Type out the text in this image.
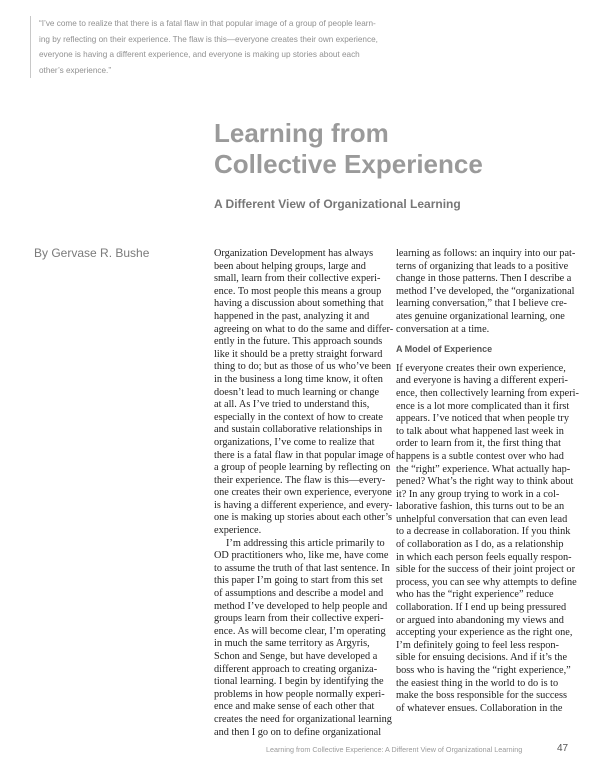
“I’ve come to realize that there is a fatal flaw in that popular image of a group of people learn-
ing by reflecting on their experience. The flaw is this—everyone creates their own experience,
everyone is having a different experience, and everyone is making up stories about each
other’s experience.”
Learning from
Collective Experience
A Different View of Organizational Learning
By Gervase R. Bushe	Organization Development has always
been about helping groups, large and
small, learn from their collective experi-
ence. To most people this means a group
having a discussion about something that
happened in the past, analyzing it and
agreeing on what to do the same and differ-
ently in the future. This approach sounds
like it should be a pretty straight forward
thing to do; but as those of us who’ve been
in the business a long time know, it often
doesn’t lead to much learning or change
at all. As I’ve tried to understand this,
especially in the context of how to create
and sustain collaborative relationships in
organizations, I’ve come to realize that
there is a fatal flaw in that popular image of
a group of people learning by reflecting on
their experience. The flaw is this—every-
one creates their own experience, everyone
is having a different experience, and every-
one is making up stories about each other’s
experience.
I’m addressing this article primarily to
OD practitioners who, like me, have come
to assume the truth of that last sentence. In
this paper I’m going to start from this set
of assumptions and describe a model and
method I’ve developed to help people and
groups learn from their collective experi-
ence. As will become clear, I’m operating
in much the same territory as Argyris,
Schon and Senge, but have developed a
different approach to creating organiza-
tional learning. I begin by identifying the
problems in how people normally experi-
ence and make sense of each other that
creates the need for organizational learning
and then I go on to define organizational
learning as follows: an inquiry into our pat-
terns of organizing that leads to a positive
change in those patterns. Then I describe a
method I’ve developed, the “organizational
learning conversation,” that I believe cre-
ates genuine organizational learning, one
conversation at a time.
A Model of Experience
If everyone creates their own experience,
and everyone is having a different experi-
ence, then collectively learning from experi-
ence is a lot more complicated than it first
appears. I’ve noticed that when people try
to talk about what happened last week in
order to learn from it, the first thing that
happens is a subtle contest over who had
the “right” experience. What actually hap-
pened? What’s the right way to think about
it? In any group trying to work in a col-
laborative fashion, this turns out to be an
unhelpful conversation that can even lead
to a decrease in collaboration. If you think
of collaboration as I do, as a relationship
in which each person feels equally respon-
sible for the success of their joint project or
process, you can see why attempts to define
who has the “right experience” reduce
collaboration. If I end up being pressured
or argued into abandoning my views and
accepting your experience as the right one,
I’m definitely going to feel less respon-
sible for ensuing decisions. And if it’s the
boss who is having the “right experience,”
the easiest thing in the world to do is to
make the boss responsible for the success
of whatever ensues. Collaboration in the
Learning from Collective Experience: A Different View of Organizational Learning	47
